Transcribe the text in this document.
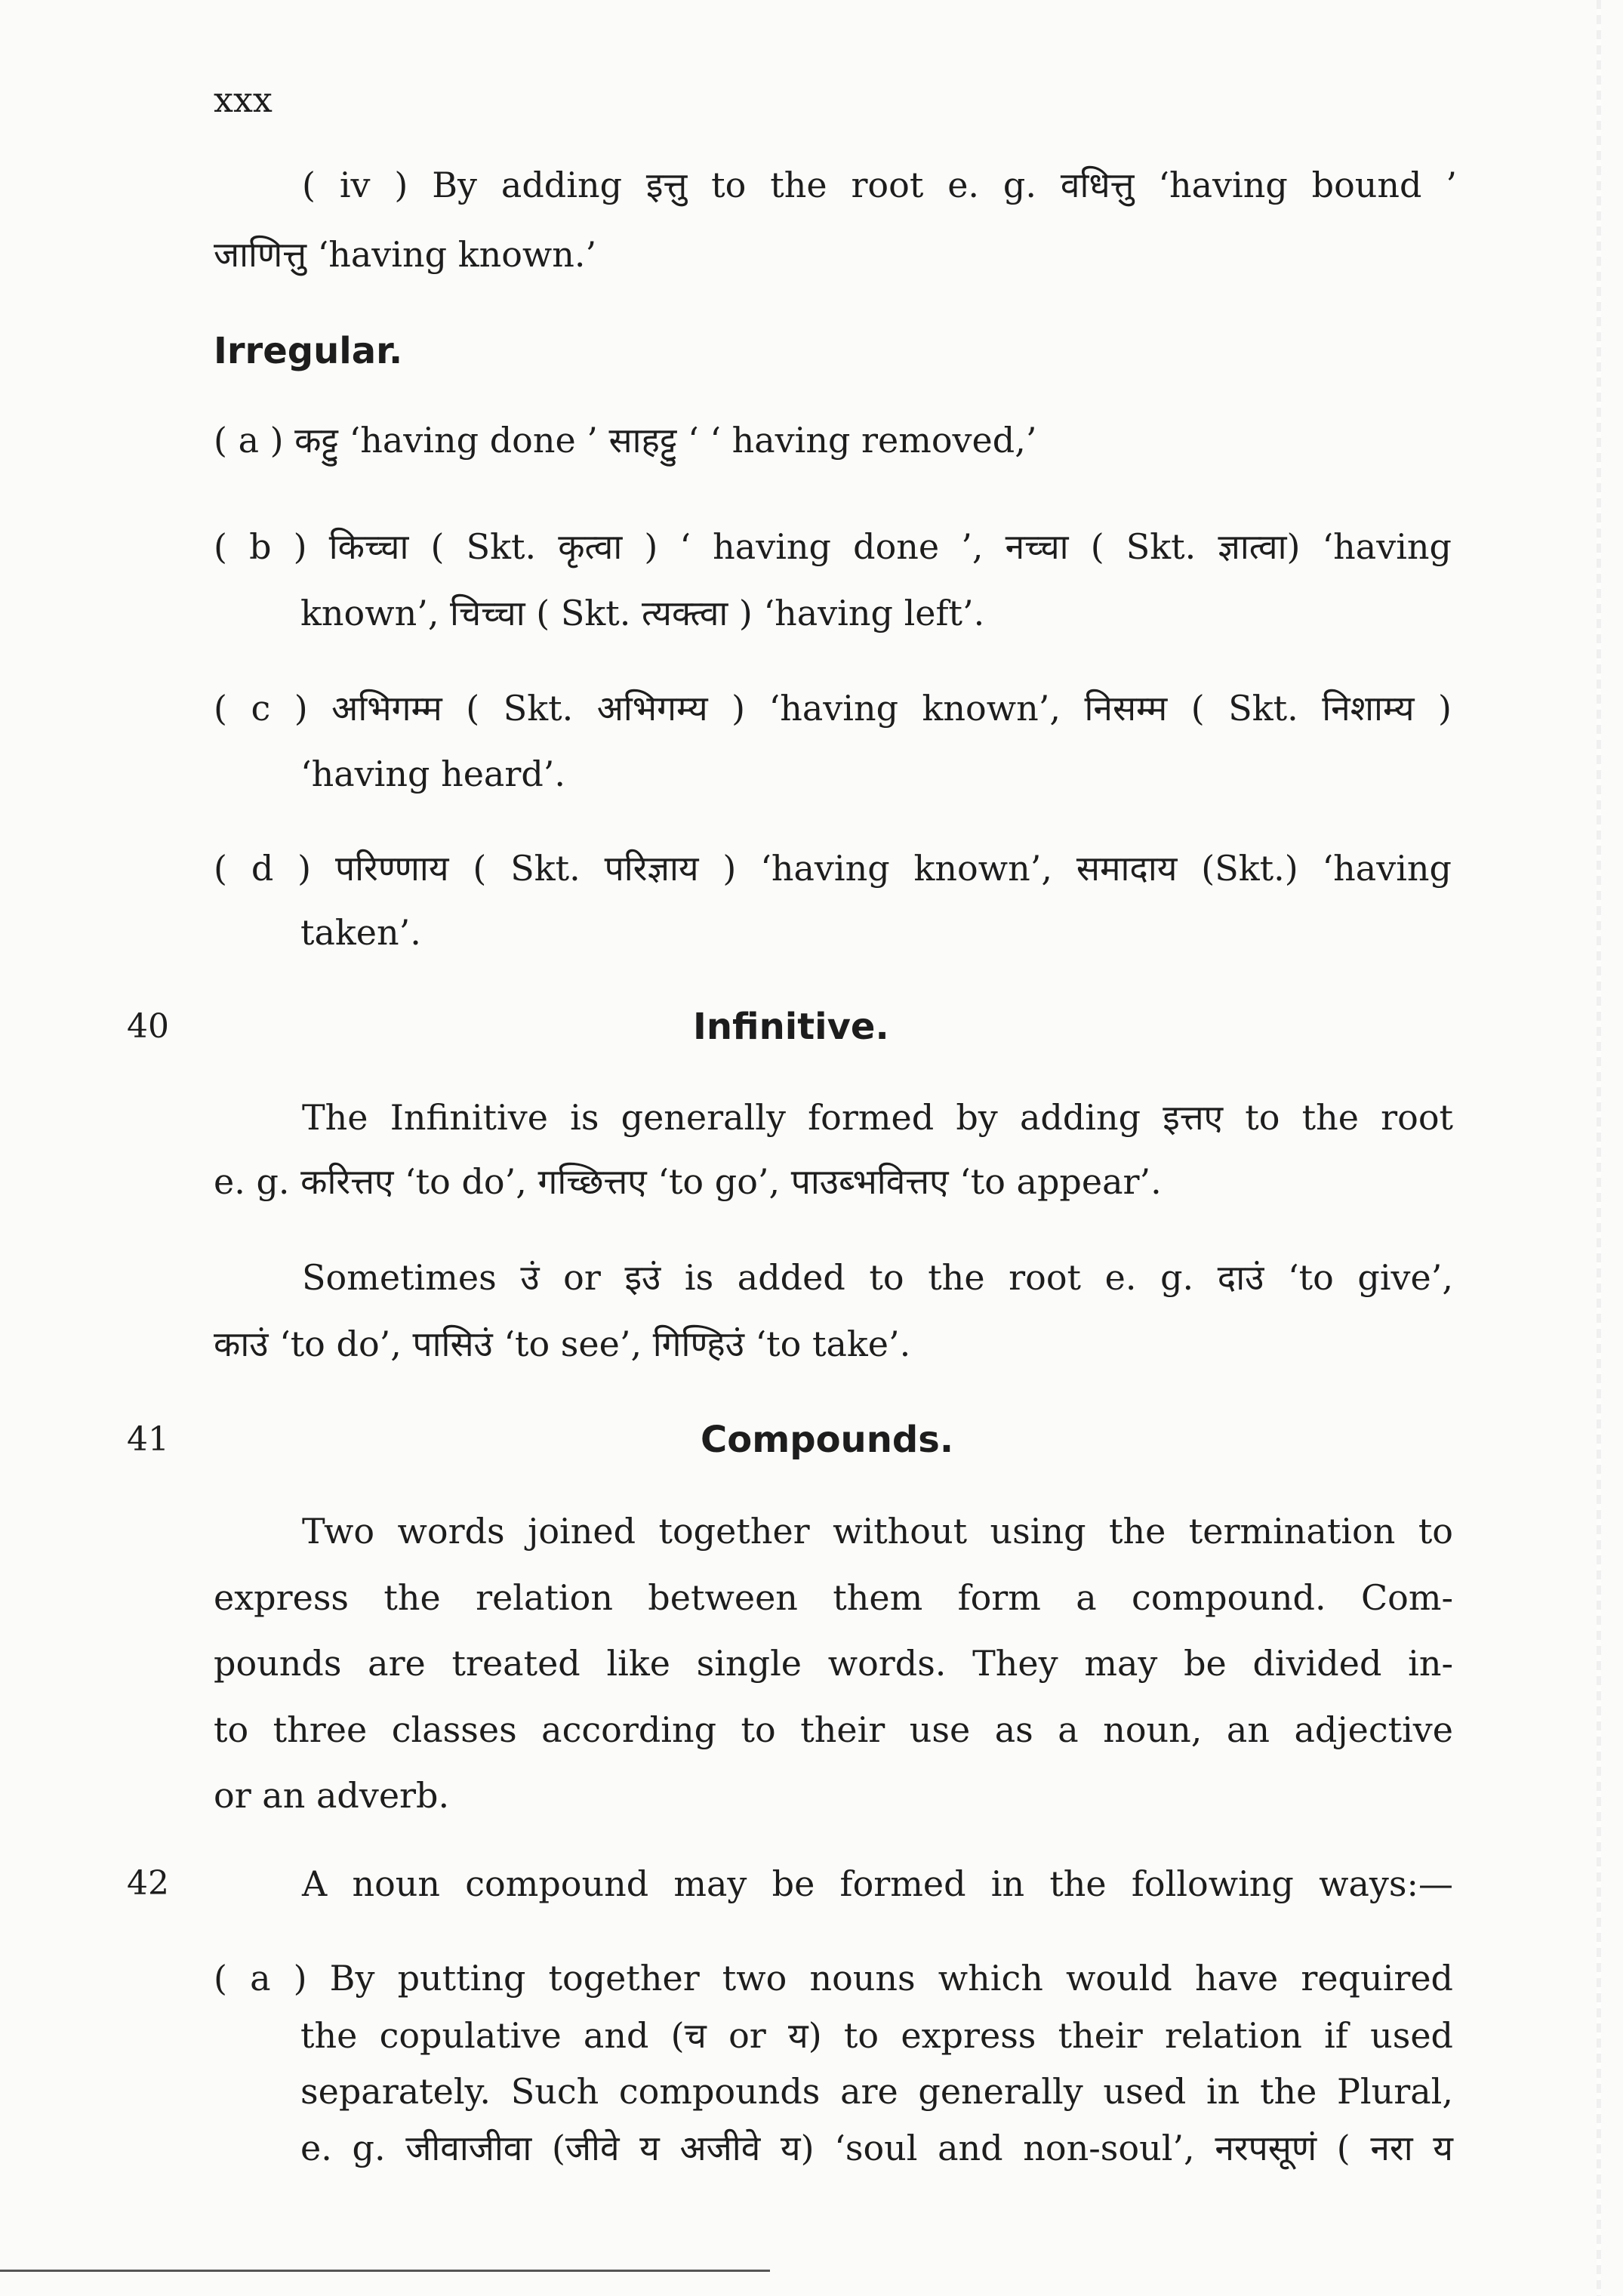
xxx
( iv ) By adding इत्तु to the root e. g. वधित्तु ‘having bound ’
जाणित्तु ‘having known.’
Irregular.
( a ) कट्टु ‘having done ’ साहट्टु ‘ ‘ having removed,’
( b ) किच्चा ( Skt. कृत्वा ) ‘ having done ’, नच्चा ( Skt. ज्ञात्वा) ‘having
known’, चिच्चा ( Skt. त्यक्त्वा ) ‘having left’.
( c ) अभिगम्म ( Skt. अभिगम्य ) ‘having known’, निसम्म ( Skt. निशाम्य )
‘having heard’.
( d ) परिण्णाय ( Skt. परिज्ञाय ) ‘having known’, समादाय (Skt.) ‘having
taken’.
40	Infinitive.
The Infinitive is generally formed by adding इत्तए to the root
e. g. करित्तए ‘to do’, गच्छित्तए ‘to go’, पाउब्भवित्तए ‘to appear’.
Sometimes उं or इउं is added to the root e. g. दाउं ‘to give’,
काउं ‘to do’, पासिउं ‘to see’, गिण्हिउं ‘to take’.
41	Compounds.
Two words joined together without using the termination to
express the relation between them form a compound. Com-
pounds are treated like single words. They may be divided in-
to three classes according to their use as a noun, an adjective
or an adverb.
42	A noun compound may be formed in the following ways:—
( a ) By putting together two nouns which would have required
the copulative and (च or य) to express their relation if used
separately. Such compounds are generally used in the Plural,
e. g. जीवाजीवा (जीवे य अजीवे य) ‘soul and non-soul’, नरपसूणं ( नरा य
